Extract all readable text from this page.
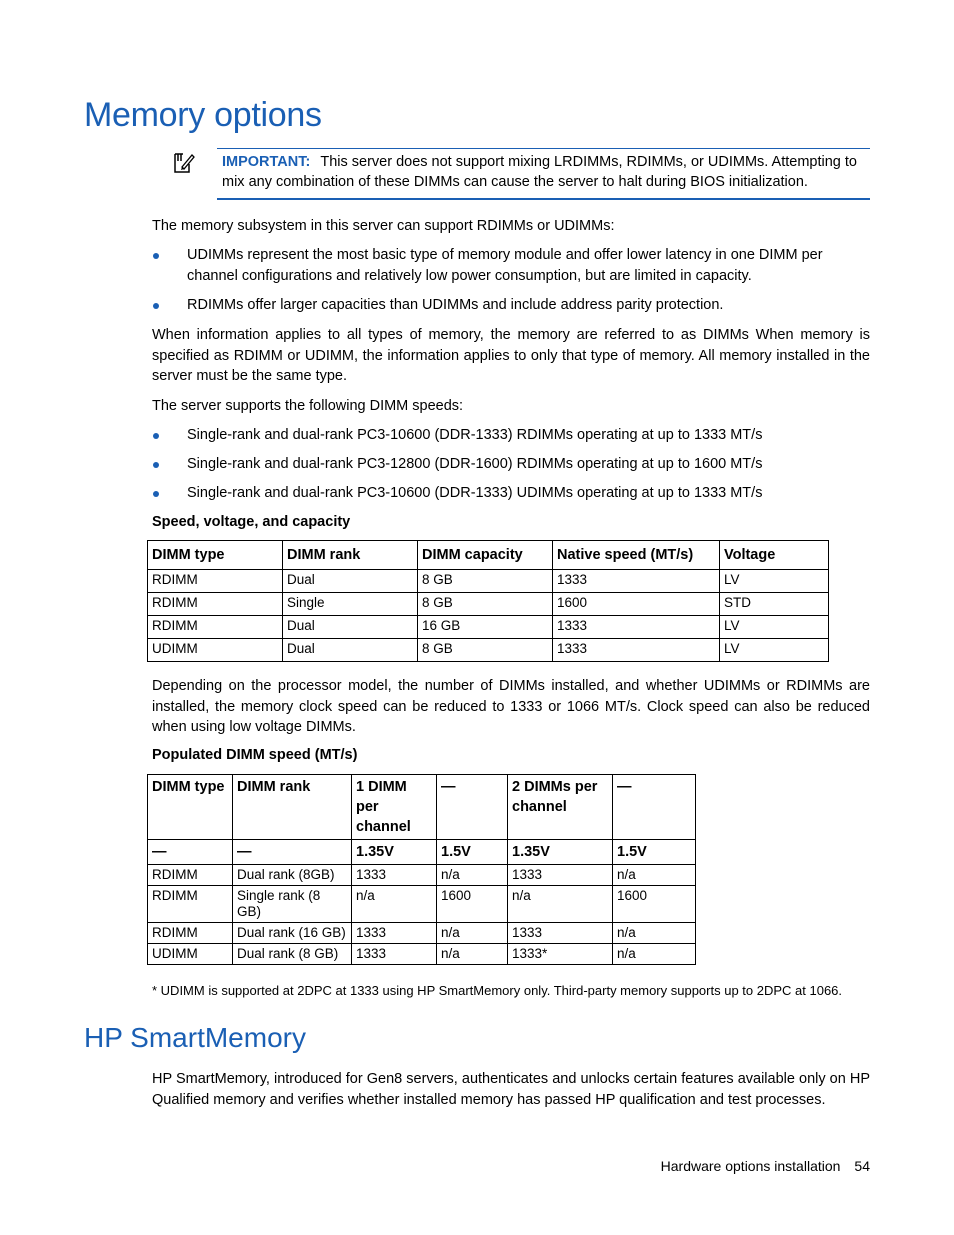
Memory options
IMPORTANT: This server does not support mixing LRDIMMs, RDIMMs, or UDIMMs. Attempting to mix any combination of these DIMMs can cause the server to halt during BIOS initialization.
The memory subsystem in this server can support RDIMMs or UDIMMs:
UDIMMs represent the most basic type of memory module and offer lower latency in one DIMM per channel configurations and relatively low power consumption, but are limited in capacity.
RDIMMs offer larger capacities than UDIMMs and include address parity protection.
When information applies to all types of memory, the memory are referred to as DIMMs When memory is specified as RDIMM or UDIMM, the information applies to only that type of memory. All memory installed in the server must be the same type.
The server supports the following DIMM speeds:
Single-rank and dual-rank PC3-10600 (DDR-1333) RDIMMs operating at up to 1333 MT/s
Single-rank and dual-rank PC3-12800 (DDR-1600) RDIMMs operating at up to 1600 MT/s
Single-rank and dual-rank PC3-10600 (DDR-1333) UDIMMs operating at up to 1333 MT/s
Speed, voltage, and capacity
DIMM type	DIMM rank	DIMM capacity	Native speed (MT/s)	Voltage
RDIMM	Dual	8 GB	1333	LV
RDIMM	Single	8 GB	1600	STD
RDIMM	Dual	16 GB	1333	LV
UDIMM	Dual	8 GB	1333	LV
Depending on the processor model, the number of DIMMs installed, and whether UDIMMs or RDIMMs are installed, the memory clock speed can be reduced to 1333 or 1066 MT/s. Clock speed can also be reduced when using low voltage DIMMs.
Populated DIMM speed (MT/s)
DIMM type	DIMM rank	1 DIMM per channel	—	2 DIMMs per channel	—
—	—	1.35V	1.5V	1.35V	1.5V
RDIMM	Dual rank (8GB)	1333	n/a	1333	n/a
RDIMM	Single rank (8 GB)	n/a	1600	n/a	1600
RDIMM	Dual rank (16 GB)	1333	n/a	1333	n/a
UDIMM	Dual rank (8 GB)	1333	n/a	1333*	n/a
* UDIMM is supported at 2DPC at 1333 using HP SmartMemory only. Third-party memory supports up to 2DPC at 1066.
HP SmartMemory
HP SmartMemory, introduced for Gen8 servers, authenticates and unlocks certain features available only on HP Qualified memory and verifies whether installed memory has passed HP qualification and test processes.
Hardware options installation 54
